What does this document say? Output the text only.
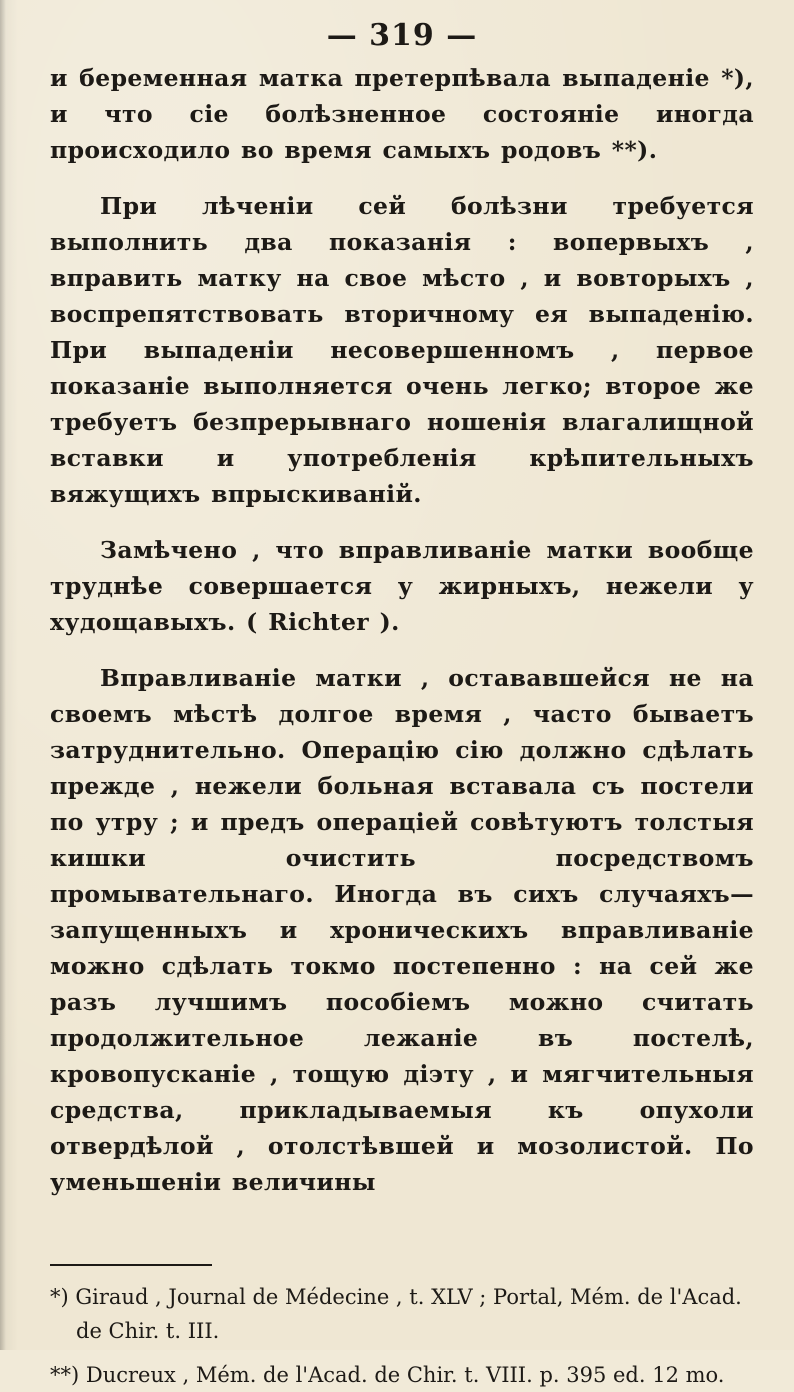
— 319 —

и беременная матка претерпѣвала выпаденіе *), и что сіе болѣзненное состояніе иногда происходило во время самыхъ родовъ **).

При лѣченіи сей болѣзни требуется выполнить два показанія : вопервыхъ , вправить матку на свое мѣсто , и вовторыхъ , воспрепятствовать вторичному ея выпаденію. При выпаденіи несовершенномъ , первое показаніе выполняется очень легко; второе же требуетъ безпрерывнаго ношенія влагалищной вставки и употребленія крѣпительныхъ вяжущихъ впрыскиваній.

Замѣчено , что вправливаніе матки вообще труднѣе совершается у жирныхъ, нежели у худощавыхъ. ( Richter ).

Вправливаніе матки , остававшейся не на своемъ мѣстѣ долгое время , часто бываетъ затруднительно. Операцію сію должно сдѣлать прежде , нежели больная вставала съ постели по утру ; и предъ операціей совѣтуютъ толстыя кишки очистить посредствомъ промывательнаго. Иногда въ сихъ случаяхъ—запущенныхъ и хроническихъ вправливаніе можно сдѣлать токмо постепенно : на сей же разъ лучшимъ пособіемъ можно считать продолжительное лежаніе въ постелѣ, кровопусканіе , тощую діэту , и мягчительныя средства, прикладываемыя къ опухоли отвердѣлой , отолстѣвшей и мозолистой. По уменьшеніи величины

*) Giraud , Journal de Médecine , t. XLV ; Portal, Mém. de l'Acad. de Chir. t. III.

**) Ducreux , Mém. de l'Acad. de Chir. t. VIII. p. 395 ed. 12 mo.
